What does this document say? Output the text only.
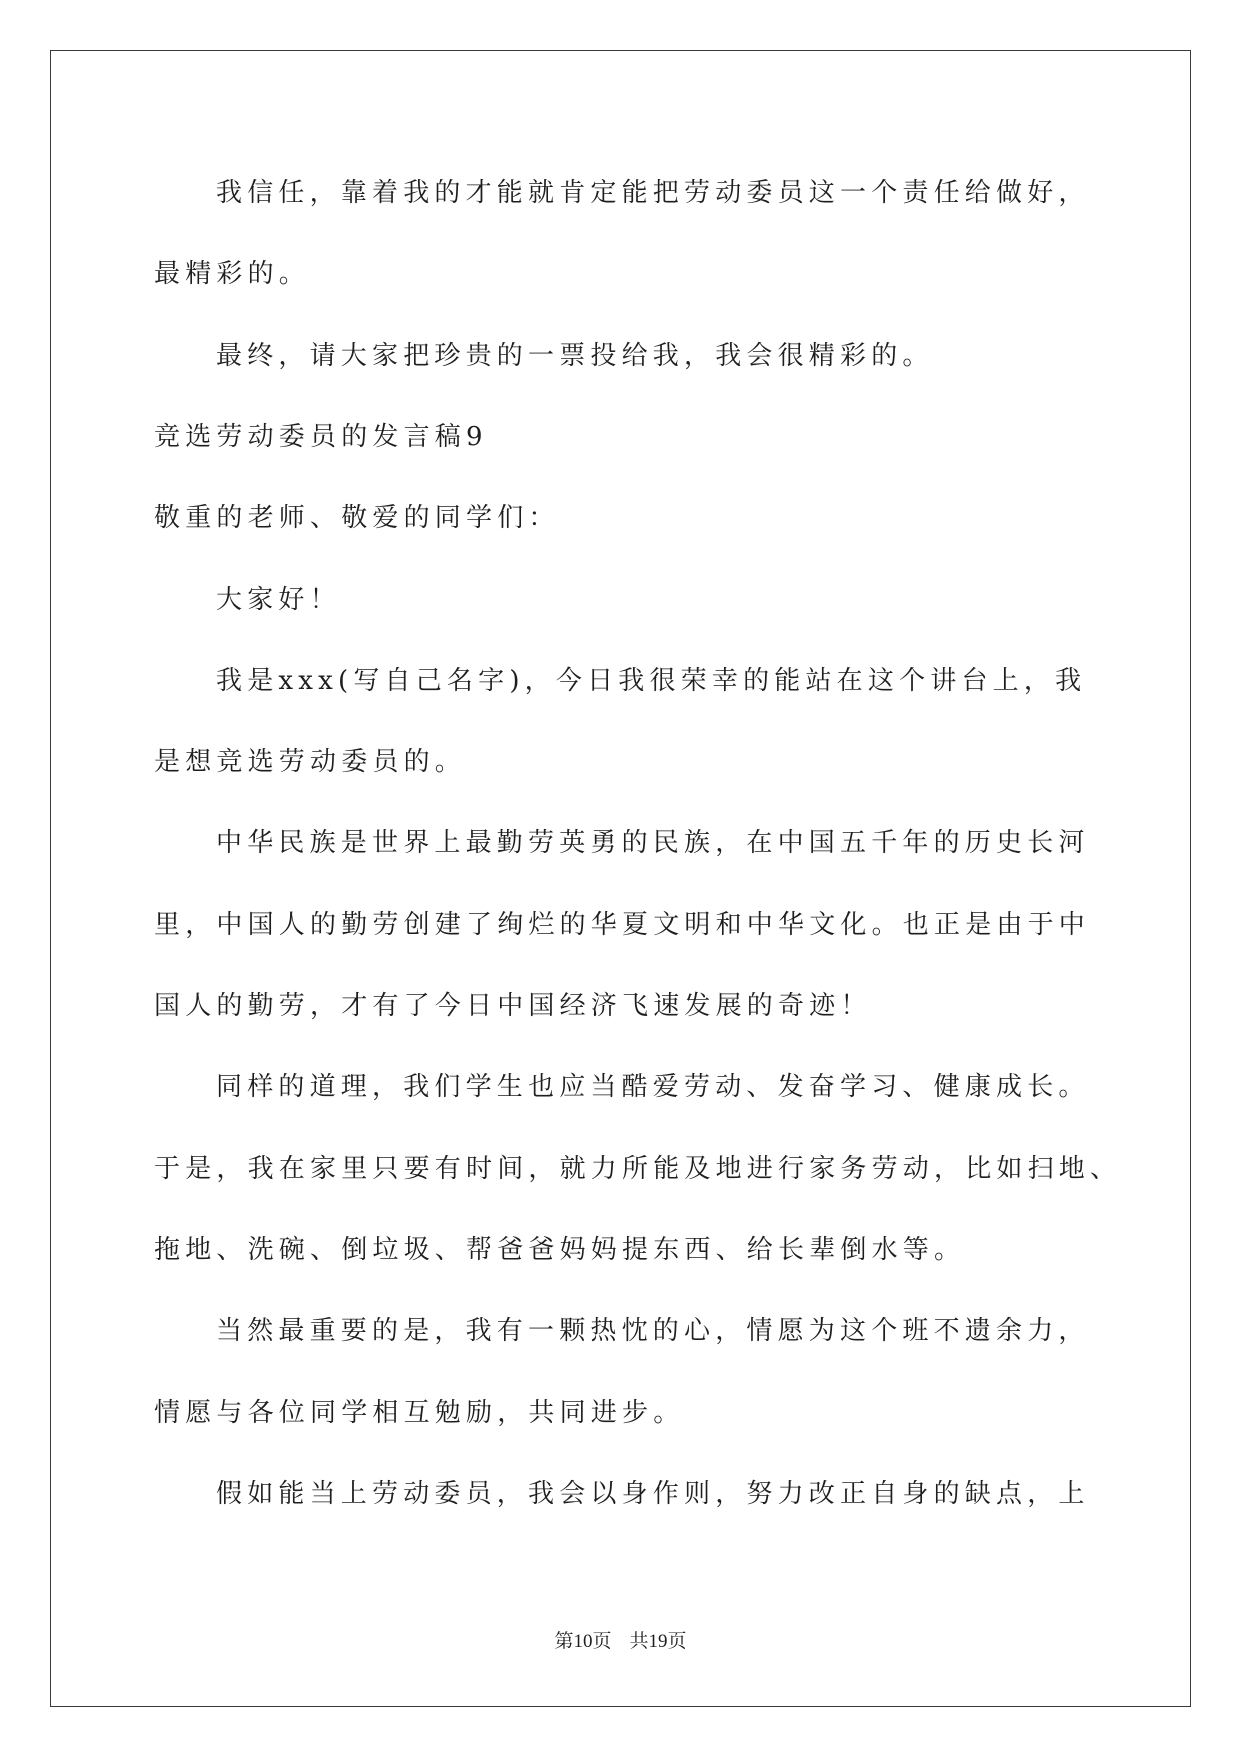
我信任，靠着我的才能就肯定能把劳动委员这一个责任给做好，
最精彩的。
最终，请大家把珍贵的一票投给我，我会很精彩的。
竞选劳动委员的发言稿9
敬重的老师、敬爱的同学们：
大家好！
我是xxx(写自己名字)，今日我很荣幸的能站在这个讲台上，我
是想竞选劳动委员的。
中华民族是世界上最勤劳英勇的民族，在中国五千年的历史长河
里，中国人的勤劳创建了绚烂的华夏文明和中华文化。也正是由于中
国人的勤劳，才有了今日中国经济飞速发展的奇迹！
同样的道理，我们学生也应当酷爱劳动、发奋学习、健康成长。
于是，我在家里只要有时间，就力所能及地进行家务劳动，比如扫地、
拖地、洗碗、倒垃圾、帮爸爸妈妈提东西、给长辈倒水等。
当然最重要的是，我有一颗热忱的心，情愿为这个班不遗余力，
情愿与各位同学相互勉励，共同进步。
假如能当上劳动委员，我会以身作则，努力改正自身的缺点，上
第10页 共19页
